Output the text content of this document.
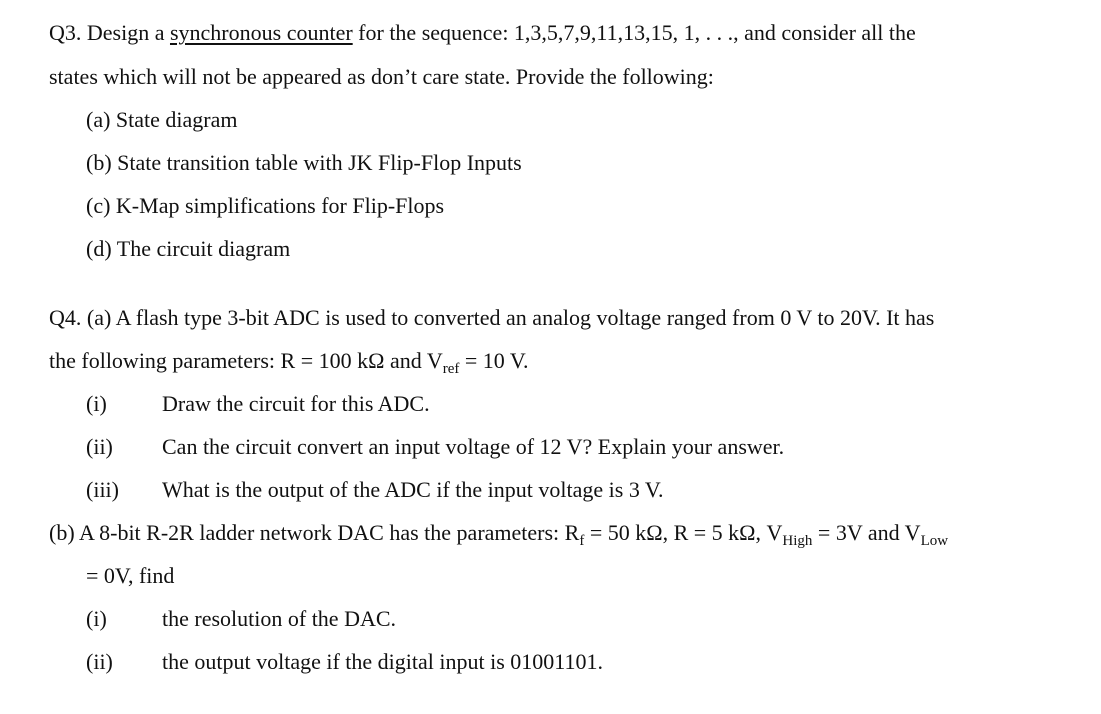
Q3. Design a synchronous counter for the sequence: 1,3,5,7,9,11,13,15, 1, . . ., and consider all the
states which will not be appeared as don’t care state. Provide the following:
(a) State diagram
(b) State transition table with JK Flip-Flop Inputs
(c) K-Map simplifications for Flip-Flops
(d) The circuit diagram
Q4. (a) A flash type 3-bit ADC is used to converted an analog voltage ranged from 0 V to 20V. It has
the following parameters: R = 100 kΩ and $V_{ref} = 10$ V.
(i)	Draw the circuit for this ADC.
(ii) Can the circuit convert an input voltage of 12 V? Explain your answer.
(iii) What is the output of the ADC if the input voltage is 3 V.
(b) A 8-bit R-2R ladder network DAC has the parameters: $R_f = 50$ kΩ, R = 5 kΩ, $V_{High} = 3V$ and $V_{Low}$
= 0V, find
(i)	the resolution of the DAC.
(ii) the output voltage if the digital input is 01001101.
